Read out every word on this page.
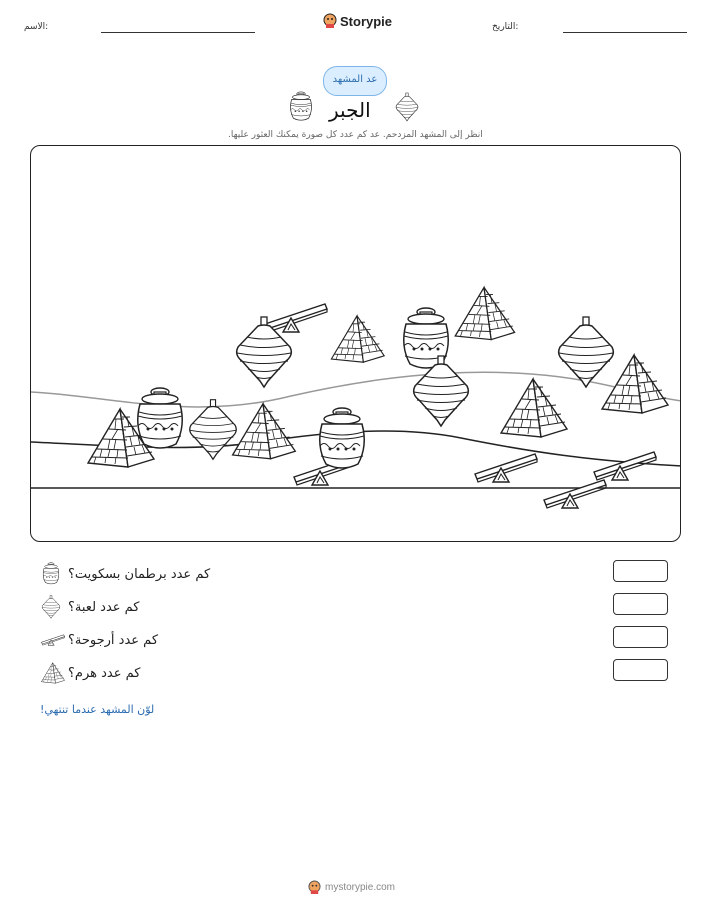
التاريخ:
Storypie
الاسم:
عد المشهد
الجبر
انظر إلى المشهد المزدحم. عد كم عدد كل صورة يمكنك العثور عليها.
كم عدد برطمان بسكويت؟
كم عدد لعبة؟
كم عدد أرجوحة؟
كم عدد هرم؟
لوّن المشهد عندما تنتهي!
mystorypie.com
